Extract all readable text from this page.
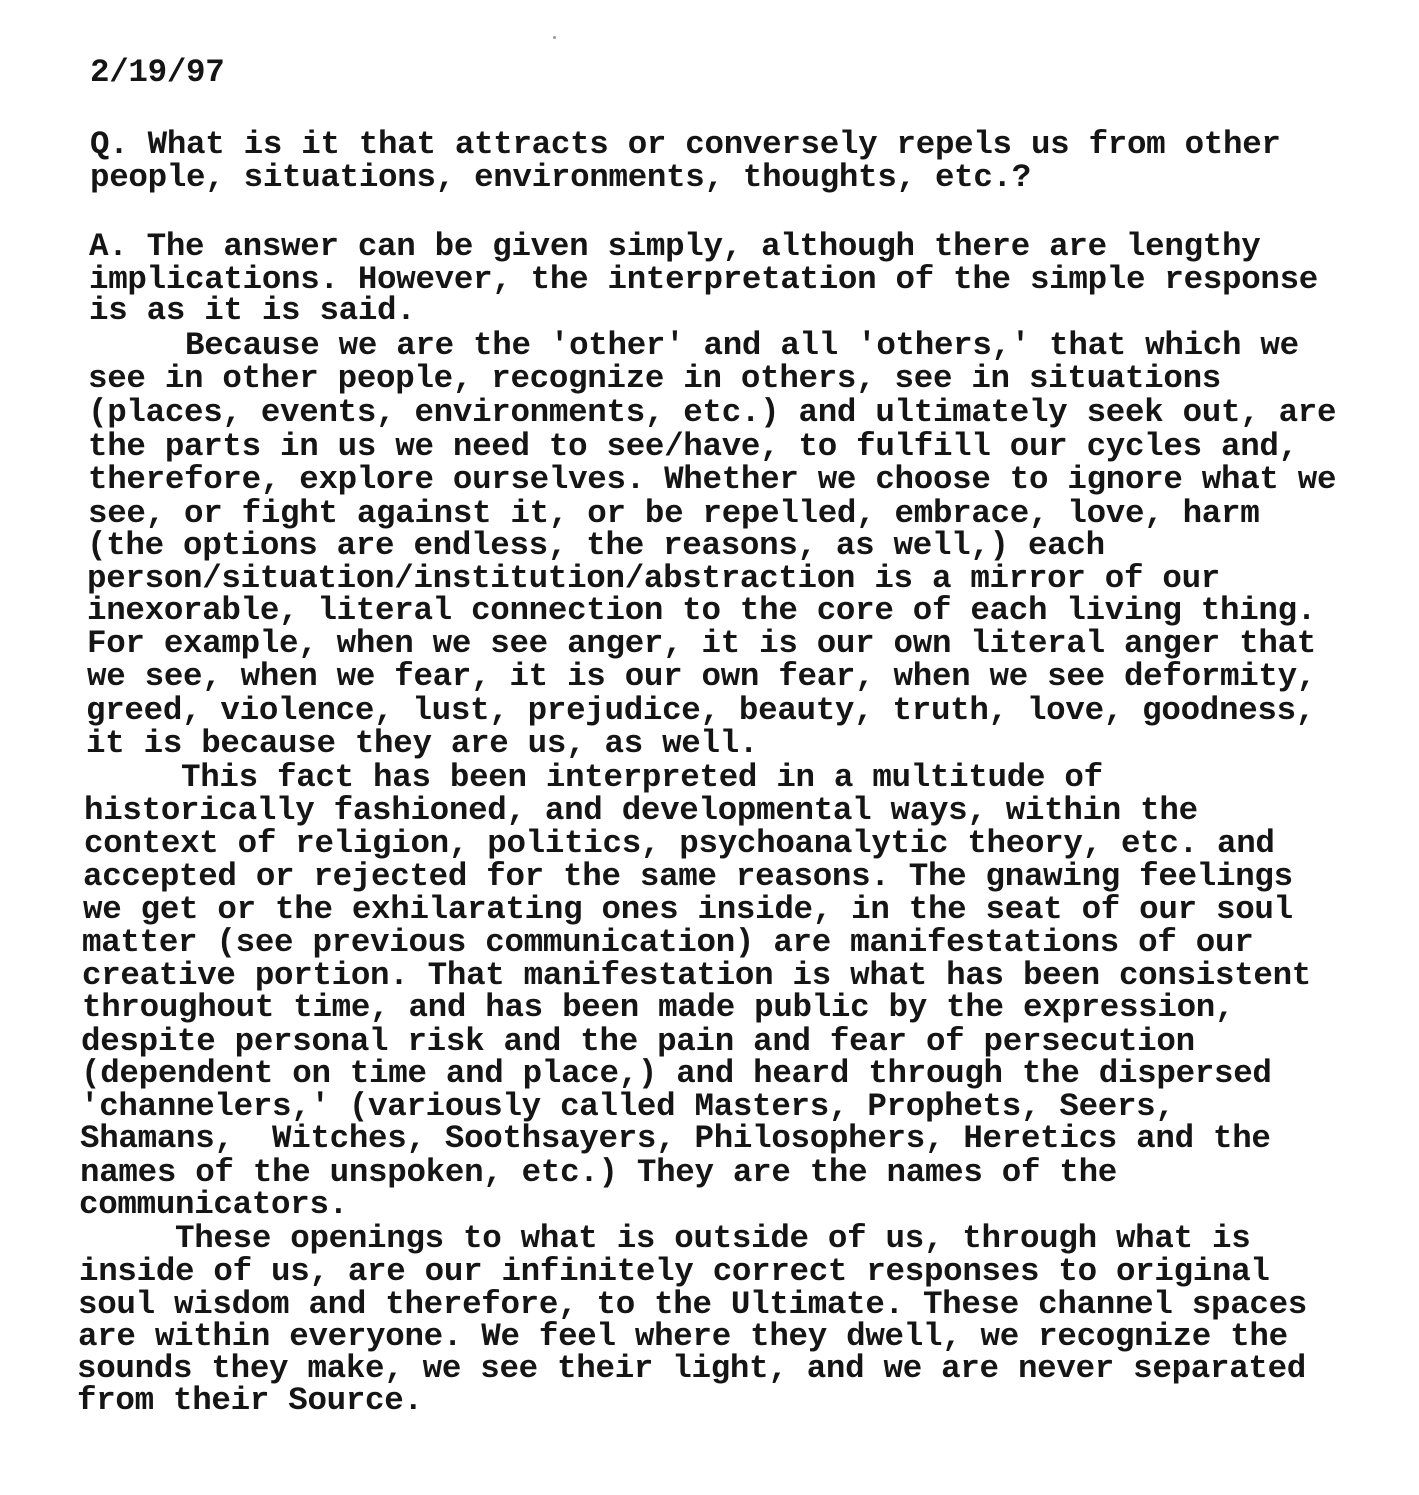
2/19/97
Q. What is it that attracts or conversely repels us from other
people, situations, environments, thoughts, etc.?
A. The answer can be given simply, although there are lengthy
implications. However, the interpretation of the simple response
is as it is said.
Because we are the 'other' and all 'others,' that which we
see in other people, recognize in others, see in situations
(places, events, environments, etc.) and ultimately seek out, are
the parts in us we need to see/have, to fulfill our cycles and,
therefore, explore ourselves. Whether we choose to ignore what we
see, or fight against it, or be repelled, embrace, love, harm
(the options are endless, the reasons, as well,) each
person/situation/institution/abstraction is a mirror of our
inexorable, literal connection to the core of each living thing.
For example, when we see anger, it is our own literal anger that
we see, when we fear, it is our own fear, when we see deformity,
greed, violence, lust, prejudice, beauty, truth, love, goodness,
it is because they are us, as well.
This fact has been interpreted in a multitude of
historically fashioned, and developmental ways, within the
context of religion, politics, psychoanalytic theory, etc. and
accepted or rejected for the same reasons. The gnawing feelings
we get or the exhilarating ones inside, in the seat of our soul
matter (see previous communication) are manifestations of our
creative portion. That manifestation is what has been consistent
throughout time, and has been made public by the expression,
despite personal risk and the pain and fear of persecution
(dependent on time and place,) and heard through the dispersed
'channelers,' (variously called Masters, Prophets, Seers,
Shamans,  Witches, Soothsayers, Philosophers, Heretics and the
names of the unspoken, etc.) They are the names of the
communicators.
These openings to what is outside of us, through what is
inside of us, are our infinitely correct responses to original
soul wisdom and therefore, to the Ultimate. These channel spaces
are within everyone. We feel where they dwell, we recognize the
sounds they make, we see their light, and we are never separated
from their Source.
